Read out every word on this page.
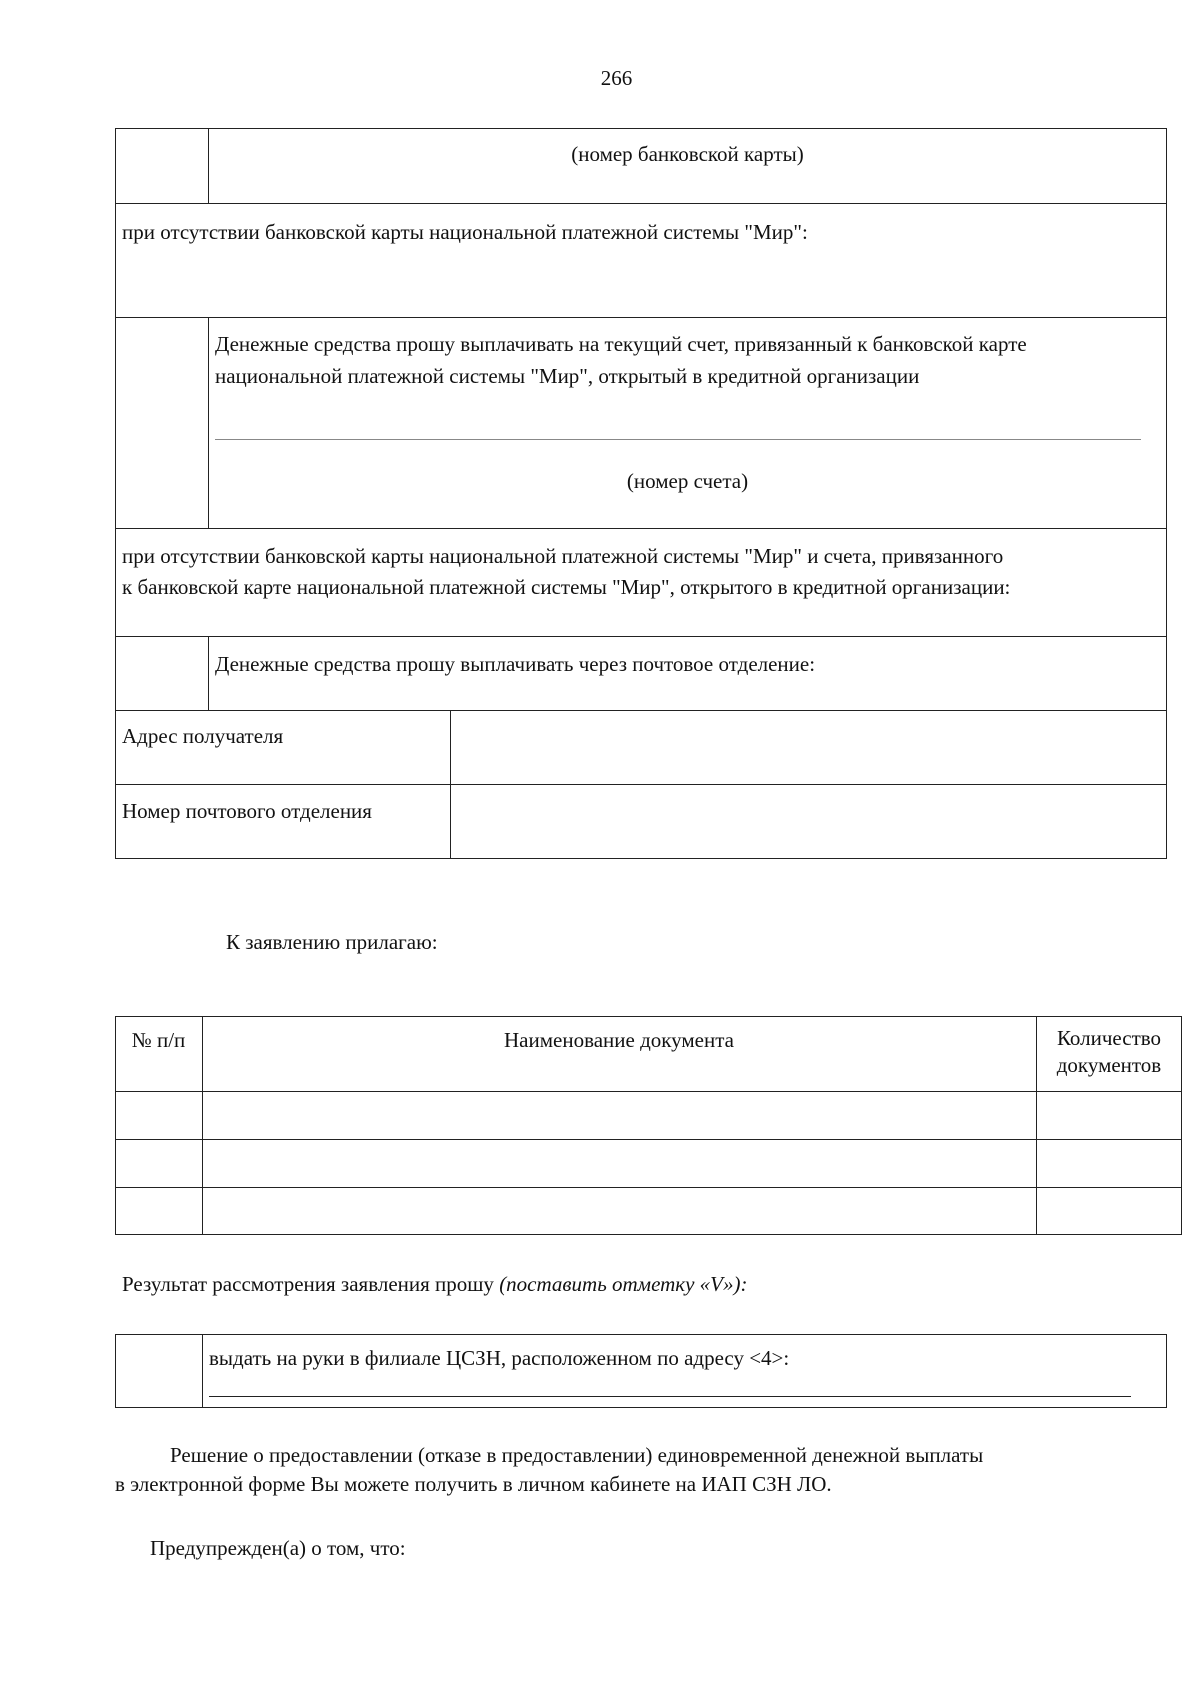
266
(номер банковской карты)
при отсутствии банковской карты национальной платежной системы "Мир":
Денежные средства прошу выплачивать на текущий счет, привязанный к банковской карте
национальной платежной системы "Мир", открытый в кредитной организации
(номер счета)
при отсутствии банковской карты национальной платежной системы "Мир" и счета, привязанного
к банковской карте национальной платежной системы "Мир", открытого в кредитной организации:
Денежные средства прошу выплачивать через почтовое отделение:
Адрес получателя
Номер почтового отделения
К заявлению прилагаю:
№ п/п	Наименование документа	Количество
документов
Результат рассмотрения заявления прошу (поставить отметку «V»):
выдать на руки в филиале ЦСЗН, расположенном по адресу <4>:
Решение о предоставлении (отказе в предоставлении) единовременной денежной выплаты
в электронной форме Вы можете получить в личном кабинете на ИАП СЗН ЛО.
Предупрежден(а) о том, что:
